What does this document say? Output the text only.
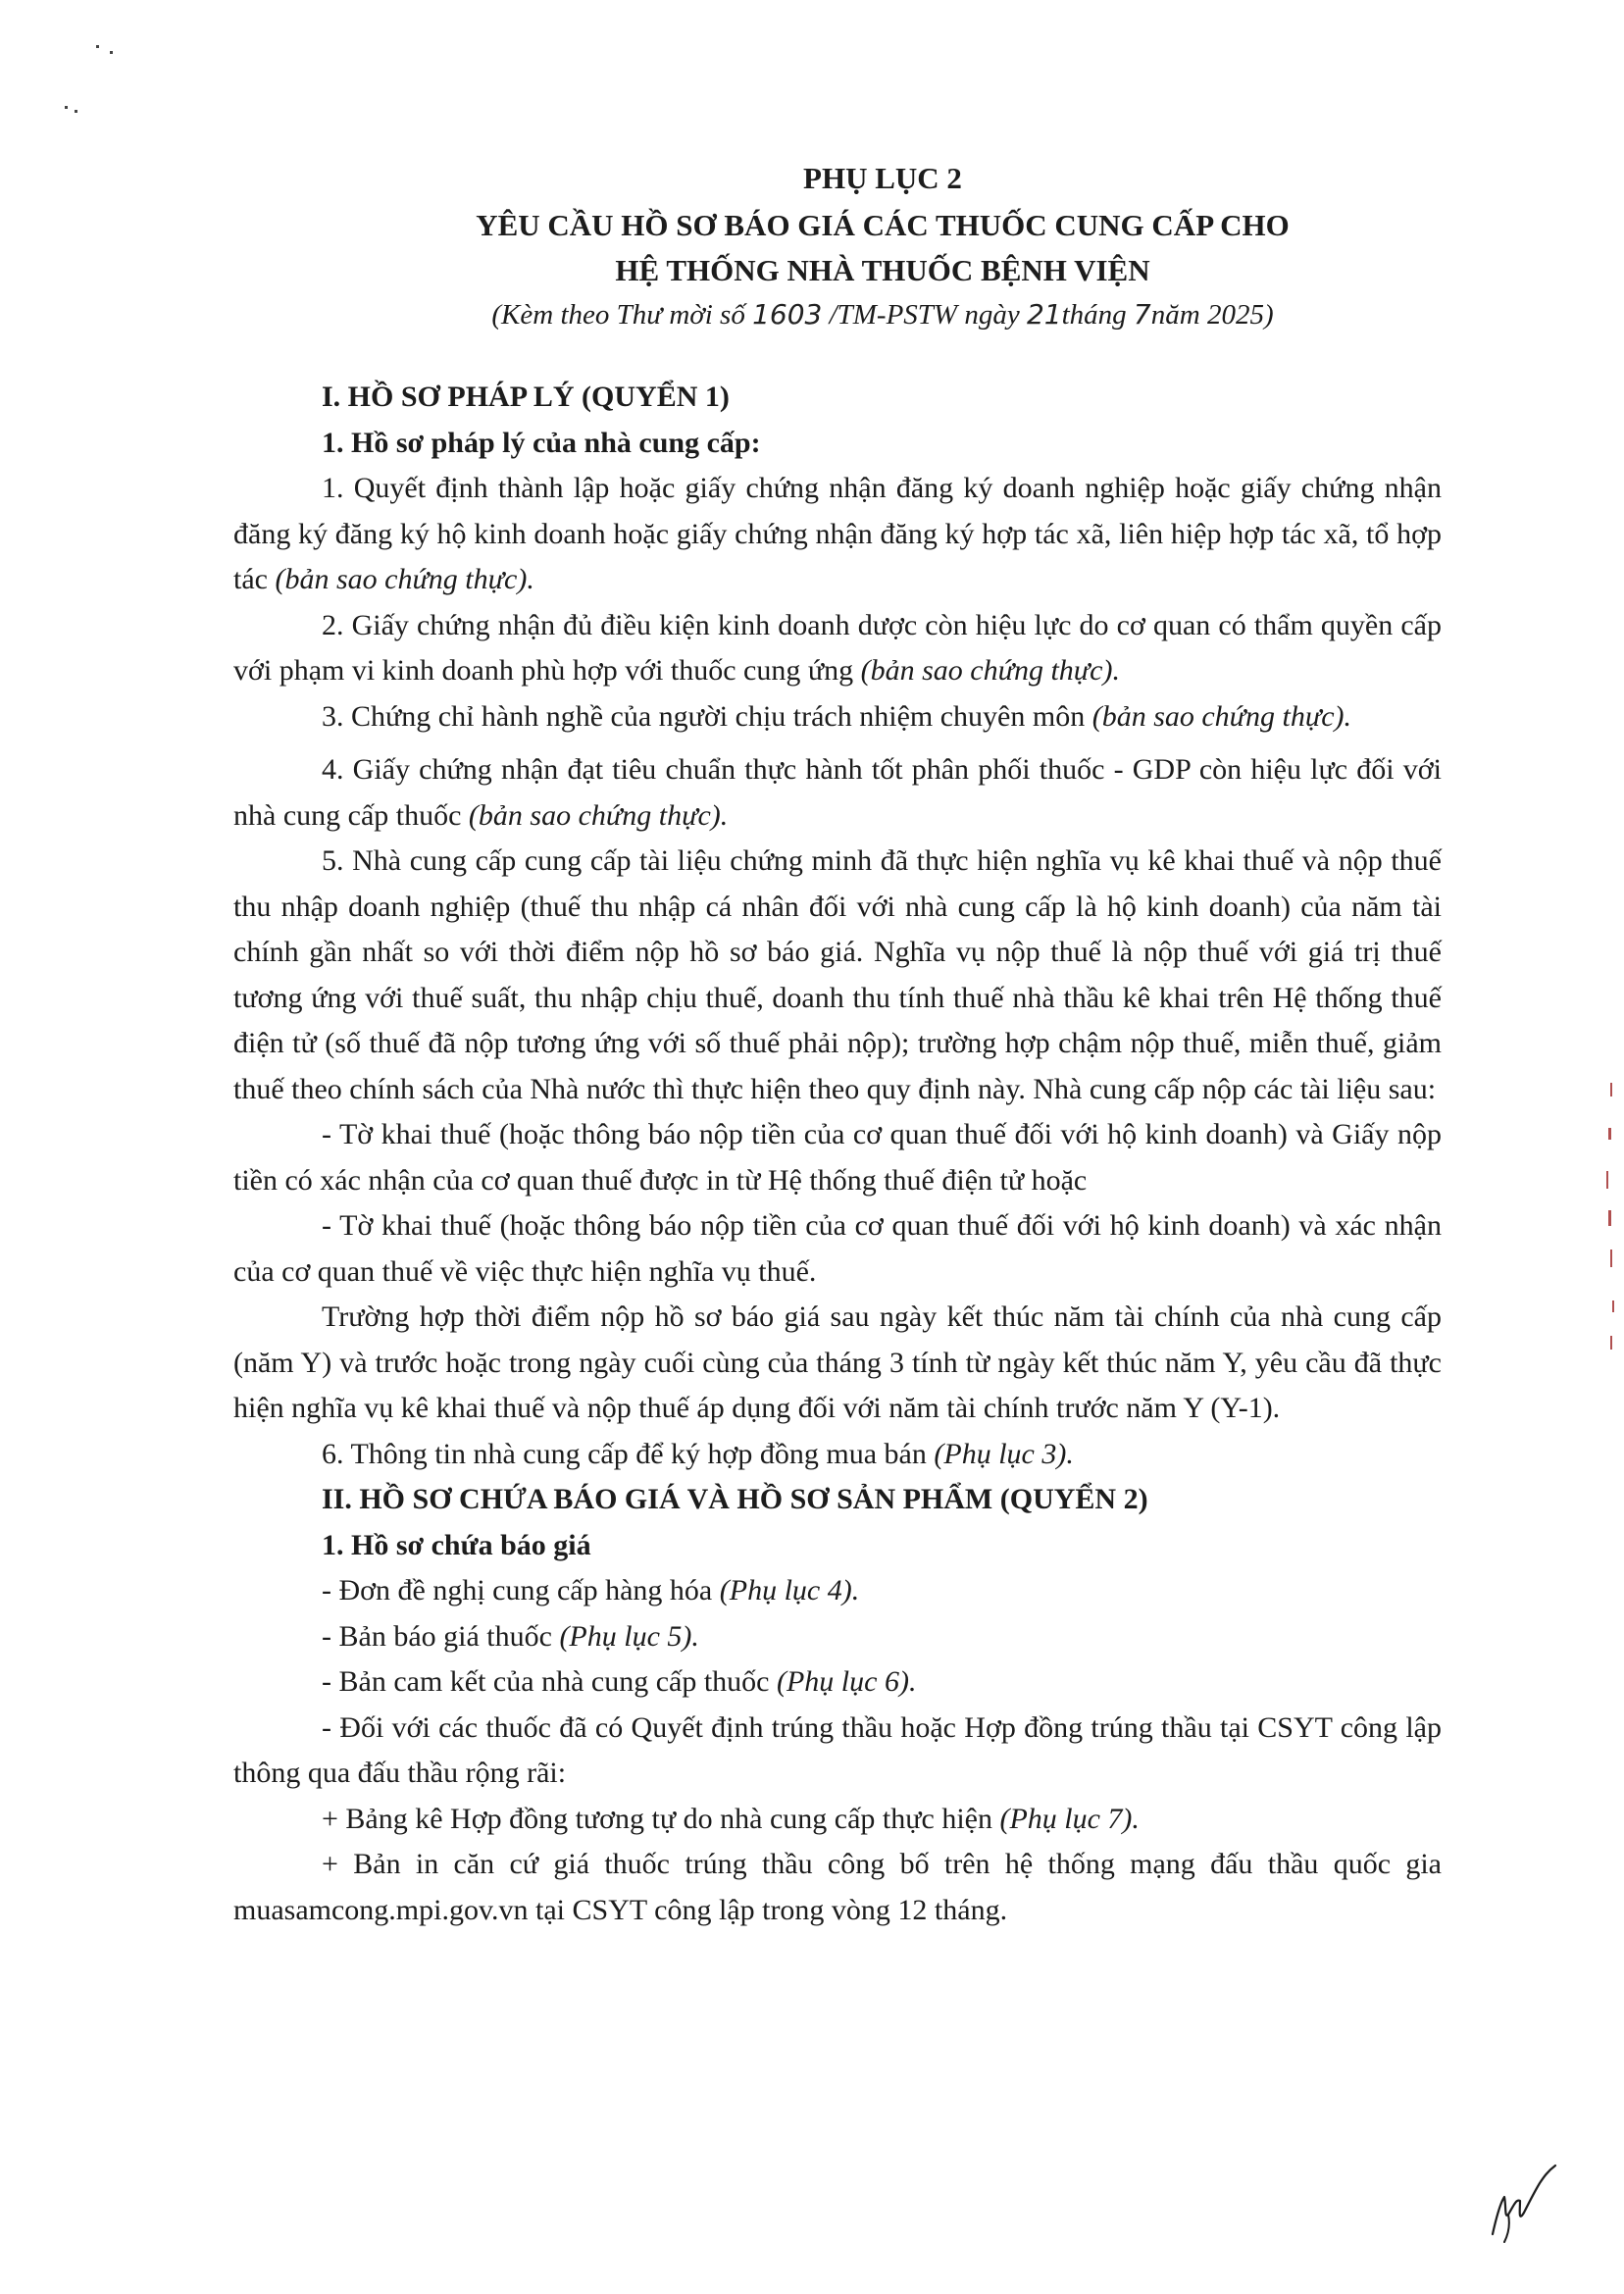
PHỤ LỤC 2
YÊU CẦU HỒ SƠ BÁO GIÁ CÁC THUỐC CUNG CẤP CHO
HỆ THỐNG NHÀ THUỐC BỆNH VIỆN
(Kèm theo Thư mời số 1603 /TM-PSTW ngày 21tháng 7năm 2025)

I. HỒ SƠ PHÁP LÝ (QUYỂN 1)

1. Hồ sơ pháp lý của nhà cung cấp:

1. Quyết định thành lập hoặc giấy chứng nhận đăng ký doanh nghiệp hoặc giấy chứng nhận đăng ký đăng ký hộ kinh doanh hoặc giấy chứng nhận đăng ký hợp tác xã, liên hiệp hợp tác xã, tổ hợp tác (bản sao chứng thực).

2. Giấy chứng nhận đủ điều kiện kinh doanh dược còn hiệu lực do cơ quan có thẩm quyền cấp với phạm vi kinh doanh phù hợp với thuốc cung ứng (bản sao chứng thực).

3. Chứng chỉ hành nghề của người chịu trách nhiệm chuyên môn (bản sao chứng thực).

4. Giấy chứng nhận đạt tiêu chuẩn thực hành tốt phân phối thuốc - GDP còn hiệu lực đối với nhà cung cấp thuốc (bản sao chứng thực).

5. Nhà cung cấp cung cấp tài liệu chứng minh đã thực hiện nghĩa vụ kê khai thuế và nộp thuế thu nhập doanh nghiệp (thuế thu nhập cá nhân đối với nhà cung cấp là hộ kinh doanh) của năm tài chính gần nhất so với thời điểm nộp hồ sơ báo giá. Nghĩa vụ nộp thuế là nộp thuế với giá trị thuế tương ứng với thuế suất, thu nhập chịu thuế, doanh thu tính thuế nhà thầu kê khai trên Hệ thống thuế điện tử (số thuế đã nộp tương ứng với số thuế phải nộp); trường hợp chậm nộp thuế, miễn thuế, giảm thuế theo chính sách của Nhà nước thì thực hiện theo quy định này. Nhà cung cấp nộp các tài liệu sau:

- Tờ khai thuế (hoặc thông báo nộp tiền của cơ quan thuế đối với hộ kinh doanh) và Giấy nộp tiền có xác nhận của cơ quan thuế được in từ Hệ thống thuế điện tử hoặc

- Tờ khai thuế (hoặc thông báo nộp tiền của cơ quan thuế đối với hộ kinh doanh) và xác nhận của cơ quan thuế về việc thực hiện nghĩa vụ thuế.

Trường hợp thời điểm nộp hồ sơ báo giá sau ngày kết thúc năm tài chính của nhà cung cấp (năm Y) và trước hoặc trong ngày cuối cùng của tháng 3 tính từ ngày kết thúc năm Y, yêu cầu đã thực hiện nghĩa vụ kê khai thuế và nộp thuế áp dụng đối với năm tài chính trước năm Y (Y-1).

6. Thông tin nhà cung cấp để ký hợp đồng mua bán (Phụ lục 3).

II. HỒ SƠ CHỨA BÁO GIÁ VÀ HỒ SƠ SẢN PHẨM (QUYỂN 2)

1. Hồ sơ chứa báo giá

- Đơn đề nghị cung cấp hàng hóa (Phụ lục 4).

- Bản báo giá thuốc (Phụ lục 5).

- Bản cam kết của nhà cung cấp thuốc (Phụ lục 6).

- Đối với các thuốc đã có Quyết định trúng thầu hoặc Hợp đồng trúng thầu tại CSYT công lập thông qua đấu thầu rộng rãi:

+ Bảng kê Hợp đồng tương tự do nhà cung cấp thực hiện (Phụ lục 7).

+ Bản in căn cứ giá thuốc trúng thầu công bố trên hệ thống mạng đấu thầu quốc gia muasamcong.mpi.gov.vn tại CSYT công lập trong vòng 12 tháng.
